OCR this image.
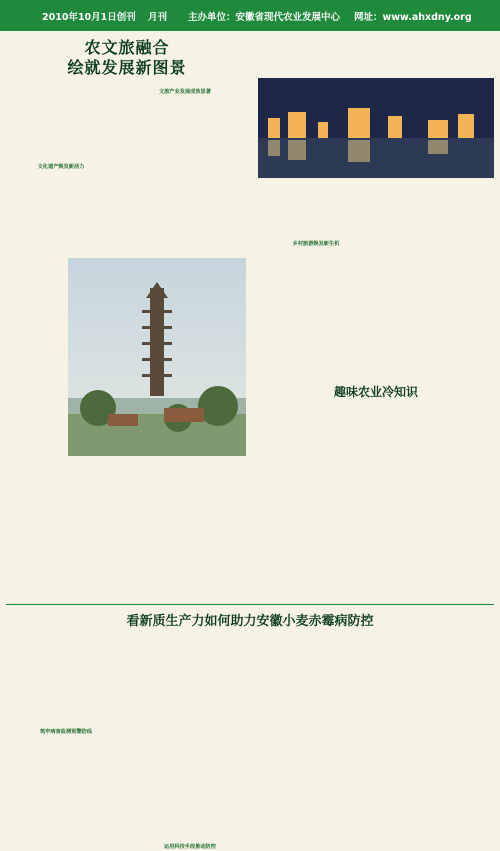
2010年10月1日创刊 月刊 主办单位：安徽省现代农业发展中心 网址：www.ahxdny.org
农文旅融合
绘就发展新图景

文化遗产焕发新活力

文旅产业发展成效显著
乡村旅游焕发新生机
趣味农业冷知识
看新质生产力如何助力安徽小麦赤霉病防控

筑牢病害监测预警防线

运用科技手段推动防控
